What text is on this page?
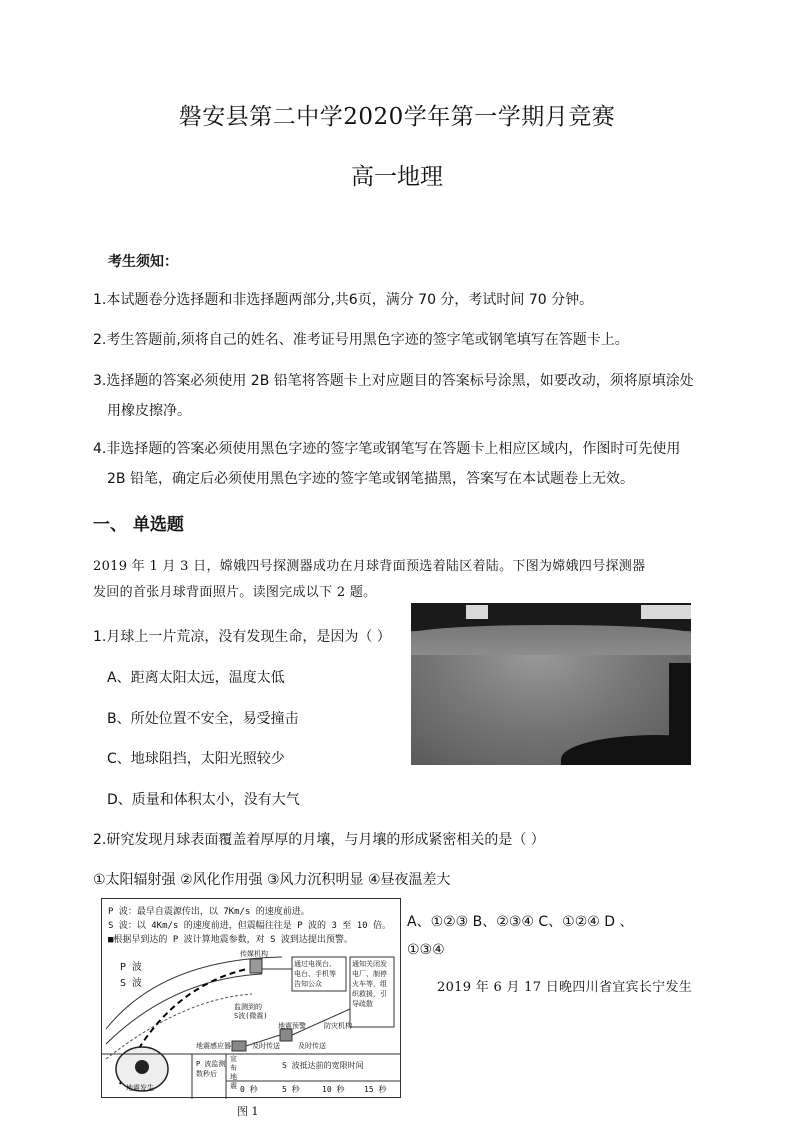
磐安县第二中学2020学年第一学期月竞赛
高一地理
考生须知：
1.本试题卷分选择题和非选择题两部分,共6页，满分 70 分，考试时间 70 分钟。
2.考生答题前,须将自己的姓名、准考证号用黑色字迹的签字笔或钢笔填写在答题卡上。
3.选择题的答案必须使用 2B 铅笔将答题卡上对应题目的答案标号涂黑，如要改动，须将原填涂处
用橡皮擦净。
4.非选择题的答案必须使用黑色字迹的签字笔或钢笔写在答题卡上相应区域内，作图时可先使用
2B 铅笔，确定后必须使用黑色字迹的签字笔或钢笔描黑，答案写在本试题卷上无效。
一、 单选题
2019 年 1 月 3 日，嫦娥四号探测器成功在月球背面预选着陆区着陆。下图为嫦娥四号探测器
发回的首张月球背面照片。读图完成以下 2 题。
1.月球上一片荒凉，没有发现生命，是因为（ ）
A、距离太阳太远，温度太低
B、所处位置不安全，易受撞击
C、地球阻挡，太阳光照较少
D、质量和体积太小，没有大气
2.研究发现月球表面覆盖着厚厚的月壤，与月壤的形成紧密相关的是（ ）
①太阳辐射强 ②风化作用强 ③风力沉积明显 ④昼夜温差大
P 波：最早自震源传出，以 7Km/s 的速度前进。
S 波：以 4Km/s 的速度前进，但震幅往往是 P 波的 3 至 10 倍。
■根据早到达的 P 波计算地震参数，对 S 波到达提出预警。
P 波
S 波
传媒机构
通过电视台、
电台、手机等
告知公众
通知关闭发
电厂、制停
火车等，组
织救援，引
导疏散
监测到的
S波(微震)
地震预警	防灾机构
地震感应器	及时传送	及时传送
地震发生
P 波监测
数秒后
宣
布
地
震
S 波抵达前的宽限时间
0 秒	5 秒	10 秒 15 秒
图 1
A、①②③ B、②③④ C、①②④ D 、
①③④
2019 年 6 月 17 日晚四川省宜宾长宁发生
